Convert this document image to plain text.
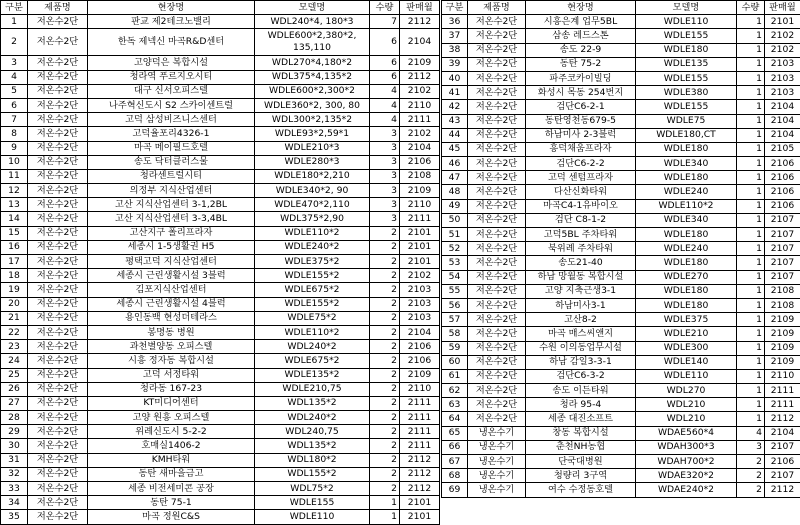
구분	제품명	현장명	모델명	수량	판매월
1	저온수2단	판교 제2테크노밸리	WDL240*4, 180*3	7	2112
2	저온수2단	한독 제넥신 마곡R&D센터	WDLE600*2,380*2, 135,110	6	2104
3	저온수2단	고양덕은 복합시설	WDL270*4,180*2	6	2109
4	저온수2단	청라역 푸르지오시티	WDL375*4,135*2	6	2112
5	저온수2단	대구 신서오피스텔	WDLE600*2,300*2	4	2102
6	저온수2단	나주혁신도시 S2 스카이센트럴	WDLE360*2, 300, 80	4	2110
7	저온수2단	고덕 삼성비즈니스센터	WDL300*2,135*2	4	2111
8	저온수2단	고덕율포리4326-1	WDLE93*2,59*1	3	2102
9	저온수2단	마곡 메이필드호텔	WDLE210*3	3	2104
10	저온수2단	송도 닥터클러스물	WDLE280*3	3	2106
11	저온수2단	청라센트럴시티	WDLE180*2,210	3	2108
12	저온수2단	의정부 지식산업센터	WDLE340*2, 90	3	2109
13	저온수2단	고산 지식산업센터 3-1,2BL	WDLE470*2,110	3	2110
14	저온수2단	고산 지식산업센터 3-3,4BL	WDL375*2,90	3	2111
15	저온수2단	고산지구 폴리프라자	WDLE110*2	2	2101
16	저온수2단	세종시 1-5생활권 H5	WDLE240*2	2	2101
17	저온수2단	평택고덕 지식산업센터	WDLE375*2	2	2101
18	저온수2단	세종시 근린생활시설 3블럭	WDLE155*2	2	2102
19	저온수2단	김포지식산업센터	WDLE675*2	2	2103
20	저온수2단	세종시 근린생활시설 4블럭	WDLE155*2	2	2103
21	저온수2단	용인동백 현성더테라스	WDLE75*2	2	2103
22	저온수2단	봉명동 병원	WDLE110*2	2	2104
23	저온수2단	과천별양동 오피스텔	WDL240*2	2	2106
24	저온수2단	시흥 정자동 복합시설	WDLE675*2	2	2106
25	저온수2단	고덕 서정타워	WDLE135*2	2	2109
26	저온수2단	청라동 167-23	WDLE210,75	2	2110
27	저온수2단	KT미디어센터	WDL135*2	2	2111
28	저온수2단	고양 원흥 오피스텔	WDL240*2	2	2111
29	저온수2단	위례신도시 5-2-2	WDL240,75	2	2111
30	저온수2단	호매실1406-2	WDL135*2	2	2111
31	저온수2단	KMH타워	WDL180*2	2	2112
32	저온수2단	동탄 새마을금고	WDL155*2	2	2112
33	저온수2단	세종 비전세미콘 공장	WDL75*2	2	2112
34	저온수2단	동탄 75-1	WDLE155	1	2101
35	저온수2단	마곡 정원C&S	WDLE110	1	2101
구분	제품명	현장명	모델명	수량	판매월
36	저온수2단	시흥은계 업무5BL	WDLE110	1	2101
37	저온수2단	삼송 레드스톤	WDLE155	1	2102
38	저온수2단	송도 22-9	WDLE180	1	2102
39	저온수2단	동탄 75-2	WDLE135	1	2103
40	저온수2단	파주코카이빌딩	WDLE155	1	2103
41	저온수2단	화성시 목동 254번지	WDLE380	1	2103
42	저온수2단	검단C6-2-1	WDLE155	1	2104
43	저온수2단	동탄영천동679-5	WDLE75	1	2104
44	저온수2단	하남미사 2-3블럭	WDLE180,CT	1	2104
45	저온수2단	흥덕채움프라자	WDLE180	1	2105
46	저온수2단	검단C6-2-2	WDLE340	1	2106
47	저온수2단	고덕 센텀프라자	WDLE180	1	2106
48	저온수2단	다산신화타워	WDLE240	1	2106
49	저온수2단	마곡C4-1유바이오	WDLE110*2	1	2106
50	저온수2단	검단 C8-1-2	WDLE340	1	2107
51	저온수2단	고덕5BL 주차타워	WDLE180	1	2107
52	저온수2단	북위례 주차타워	WDLE240	1	2107
53	저온수2단	송도21-40	WDLE180	1	2107
54	저온수2단	하남 망월동 복합시설	WDLE270	1	2107
55	저온수2단	고양 지축근생3-1	WDLE180	1	2108
56	저온수2단	하남미사3-1	WDLE180	1	2108
57	저온수2단	고산8-2	WDLE375	1	2109
58	저온수2단	마곡 매스씨앤지	WDLE210	1	2109
59	저온수2단	수원 이의동업무시설	WDLE300	1	2109
60	저온수2단	하남 감일3-3-1	WDLE140	1	2109
61	저온수2단	검단C6-3-2	WDLE110	1	2110
62	저온수2단	송도 이든타워	WDL270	1	2111
63	저온수2단	청라 95-4	WDL210	1	2111
64	저온수2단	세종 대진소프트	WDL210	1	2112
65	냉온수기	창동 복합시설	WDAE560*4	4	2104
66	냉온수기	춘천NH농협	WDAH300*3	3	2107
67	냉온수기	단국대병원	WDAH700*2	2	2106
68	냉온수기	청량리 3구역	WDAE320*2	2	2107
69	냉온수기	여수 수정동호텔	WDAE240*2	2	2112
